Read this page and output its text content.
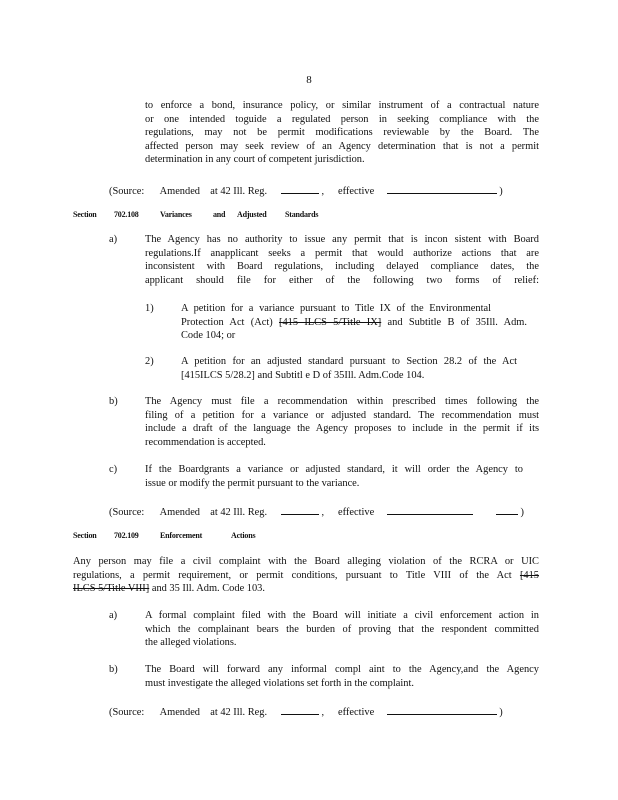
8
to enforce a bond, insurance policy, or similar instrument of a contractual nature
or one intended toguide a regulated person in seeking compliance with the
regulations, may not be permit modifications reviewable by the Board. The
affected person may seek review of an Agency determination that is not a permit
determination in any court of competent jurisdiction.
(Source: Amended at 42 Ill. Reg.	, effective	)
Section 702.108	Variances	and Adjusted Standards
a)	The Agency has no authority to issue any permit that is incon sistent with Board
regulations.If anapplicant seeks a permit that would authorize actions that are
inconsistent with Board regulations, including delayed compliance dates, the
applicant should file for either of the following two forms of relief:
1)	A petition for a variance pursuant to Title IX of the Environmental
Protection Act (Act) [415 ILCS 5/Title IX] and Subtitle B of 35Ill. Adm.
Code 104; or
2)	A petition for an adjusted standard pursuant to Section 28.2 of the Act
[415ILCS 5/28.2] and Subtitl e D of 35Ill. Adm.Code 104.
b)	The Agency must file a recommendation within prescribed times following the
filing of a petition for a variance or adjusted standard. The recommendation must
include a draft of the language the Agency proposes to include in the permit if its
recommendation is accepted.
c)	If the Boardgrants a variance or adjusted standard, it will order the Agency to
issue or modify the permit pursuant to the variance.
(Source: Amended at 42 Ill. Reg.	, effective	)
Section 702.109	Enforcement	Actions
Any person may file a civil complaint with the Board alleging violation of the RCRA or UIC
regulations, a permit requirement, or permit conditions, pursuant to Title VIII of the Act [415
ILCS 5/Title VIII] and 35 Ill. Adm. Code 103.
a)	A formal complaint filed with the Board will initiate a civil enforcement action in
which the complainant bears the burden of proving that the respondent committed
the alleged violations.
b)	The Board will forward any informal compl aint to the Agency,and the Agency
must investigate the alleged violations set forth in the complaint.
(Source: Amended at 42 Ill. Reg.	, effective	)
